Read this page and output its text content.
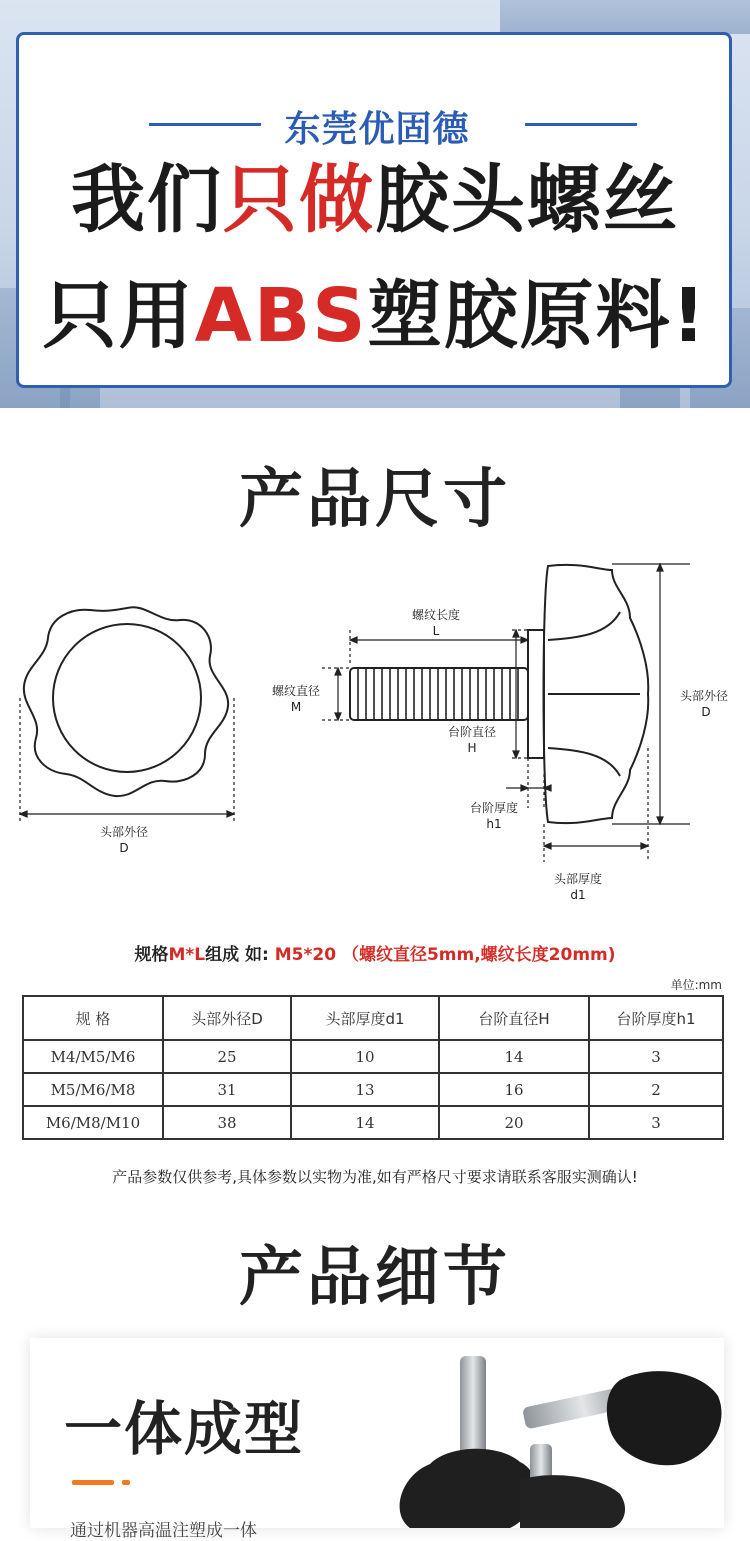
东莞优固德
我们只做胶头螺丝
只用ABS塑胶原料!
产品尺寸
头部外径
D
螺纹长度
L
螺纹直径
M
台阶直径
H
台阶厚度
h1
头部厚度
d1
头部外径
D
规格M*L组成 如: M5*20 （螺纹直径5mm,螺纹长度20mm)
单位:mm
规 格	头部外径D	头部厚度d1	台阶直径H	台阶厚度h1
M4/M5/M6	25	10	14	3
M5/M6/M8	31	13	16	2
M6/M8/M10	38	14	20	3
产品参数仅供参考,具体参数以实物为准,如有严格尺寸要求请联系客服实测确认!
产品细节
一体成型
通过机器高温注塑成一体
